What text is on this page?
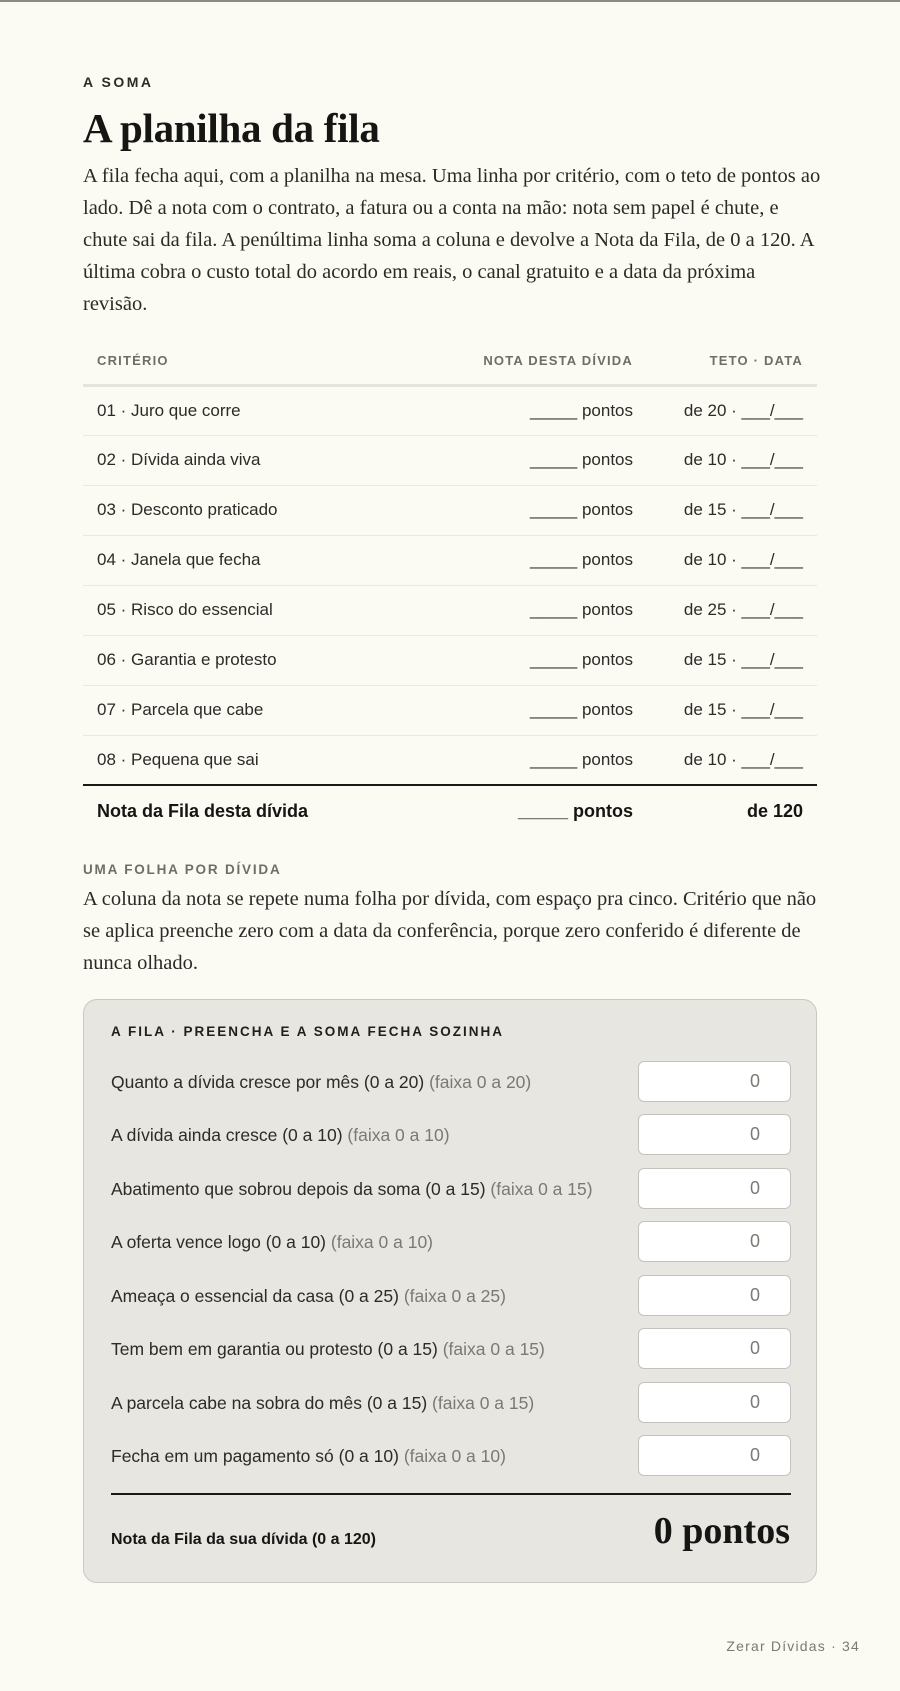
A SOMA
A planilha da fila

A fila fecha aqui, com a planilha na mesa. Uma linha por critério, com o teto de pontos ao lado. Dê a nota com o contrato, a fatura ou a conta na mão: nota sem papel é chute, e chute sai da fila. A penúltima linha soma a coluna e devolve a Nota da Fila, de 0 a 120. A última cobra o custo total do acordo em reais, o canal gratuito e a data da próxima revisão.

CRITÉRIO	NOTA DESTA DÍVIDA	TETO · DATA
01 · Juro que corre	_____ pontos	de 20 · ___/___
02 · Dívida ainda viva	_____ pontos	de 10 · ___/___
03 · Desconto praticado	_____ pontos	de 15 · ___/___
04 · Janela que fecha	_____ pontos	de 10 · ___/___
05 · Risco do essencial	_____ pontos	de 25 · ___/___
06 · Garantia e protesto	_____ pontos	de 15 · ___/___
07 · Parcela que cabe	_____ pontos	de 15 · ___/___
08 · Pequena que sai	_____ pontos	de 10 · ___/___
Nota da Fila desta dívida	_____ pontos	de 120
UMA FOLHA POR DÍVIDA

A coluna da nota se repete numa folha por dívida, com espaço pra cinco. Critério que não se aplica preenche zero com a data da conferência, porque zero conferido é diferente de nunca olhado.

A FILA · PREENCHA E A SOMA FECHA SOZINHA
Quanto a dívida cresce por mês (0 a 20) (faixa 0 a 20)	0
A dívida ainda cresce (0 a 10) (faixa 0 a 10)	0
Abatimento que sobrou depois da soma (0 a 15) (faixa 0 a 15)	0
A oferta vence logo (0 a 10) (faixa 0 a 10)	0
Ameaça o essencial da casa (0 a 25) (faixa 0 a 25)	0
Tem bem em garantia ou protesto (0 a 15) (faixa 0 a 15)	0
A parcela cabe na sobra do mês (0 a 15) (faixa 0 a 15)	0
Fecha em um pagamento só (0 a 10) (faixa 0 a 10)	0
Nota da Fila da sua dívida (0 a 120)	0 pontos
Zerar Dívidas · 34
